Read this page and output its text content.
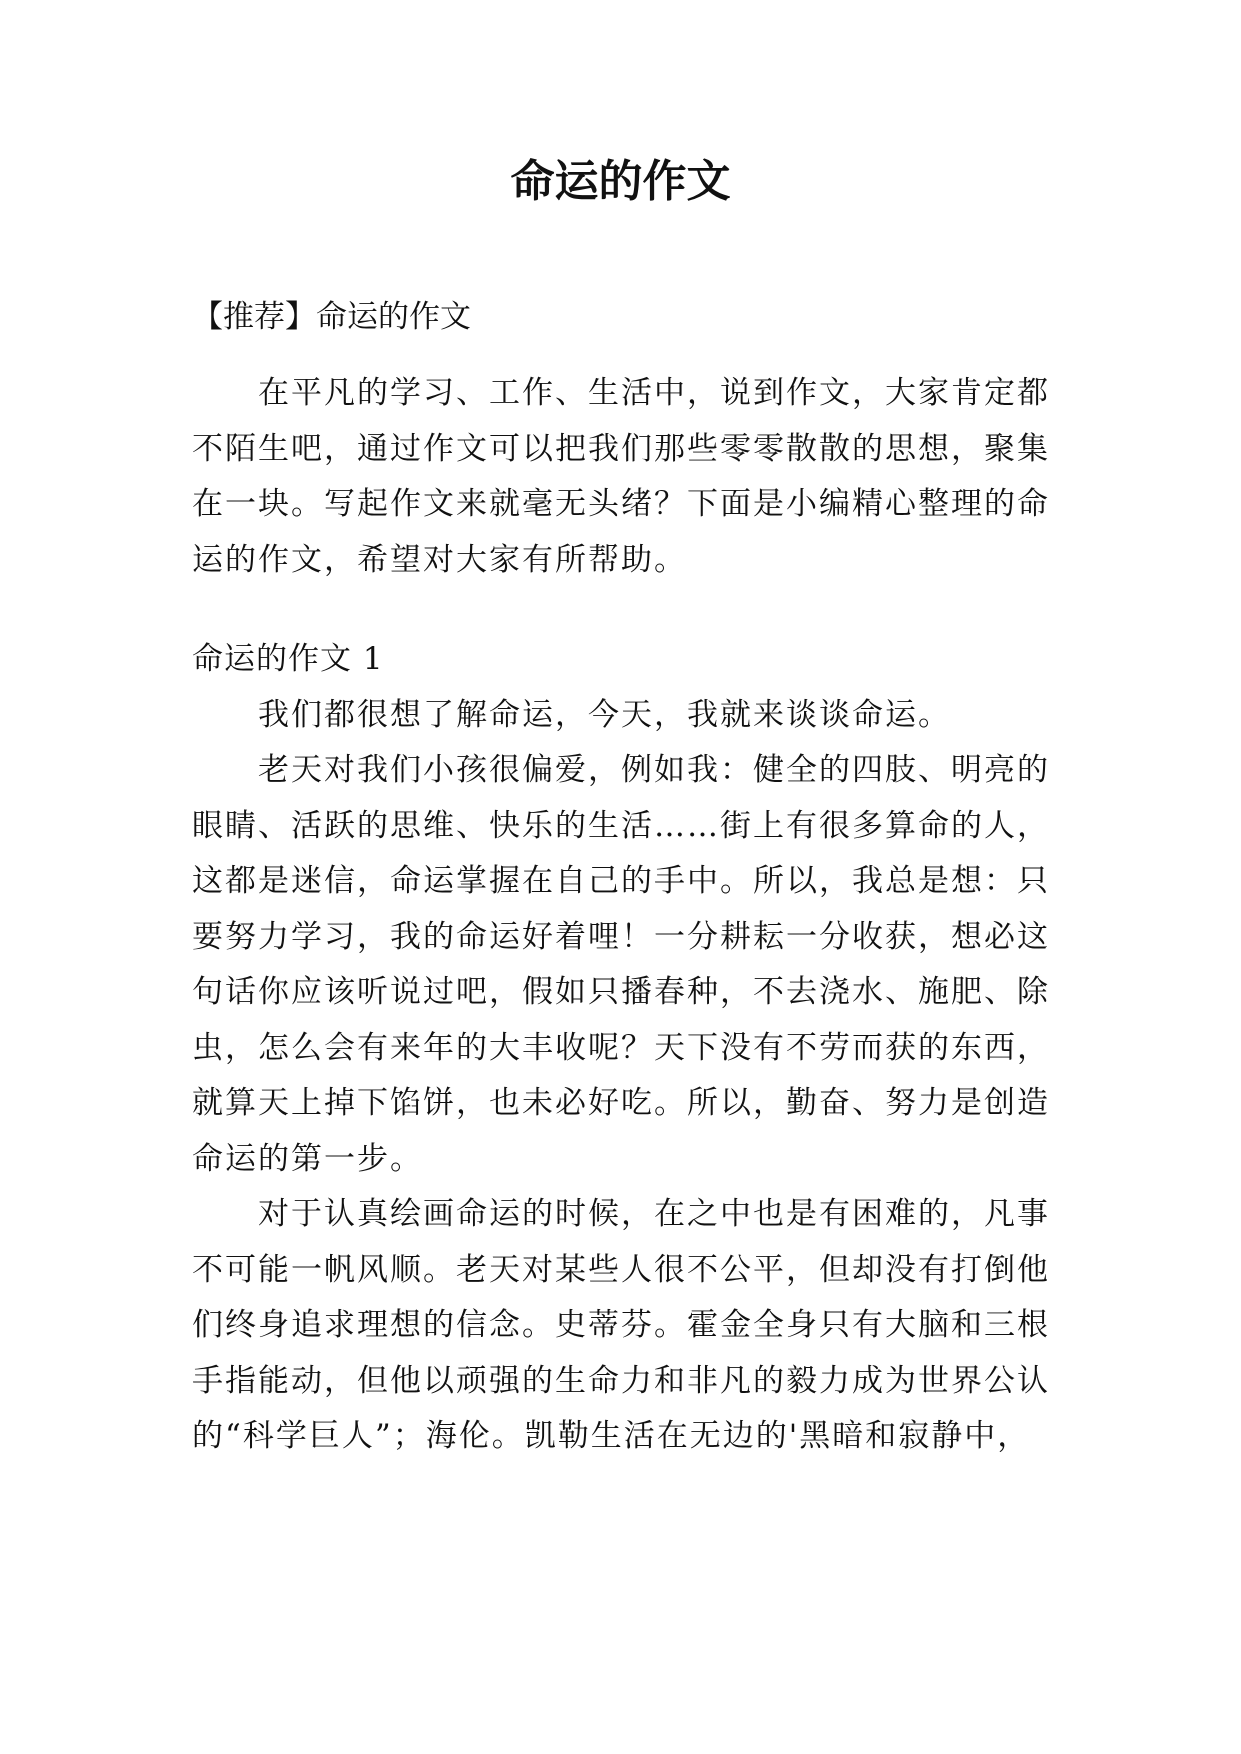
命运的作文

【推荐】命运的作文

在平凡的学习、工作、生活中，说到作文，大家肯定都

不陌生吧，通过作文可以把我们那些零零散散的思想，聚集

在一块。写起作文来就毫无头绪？下面是小编精心整理的命

运的作文，希望对大家有所帮助。

命运的作文 1

我们都很想了解命运，今天，我就来谈谈命运。

老天对我们小孩很偏爱，例如我：健全的四肢、明亮的

眼睛、活跃的思维、快乐的生活……街上有很多算命的人，

这都是迷信，命运掌握在自己的手中。所以，我总是想：只

要努力学习，我的命运好着哩！一分耕耘一分收获，想必这

句话你应该听说过吧，假如只播春种，不去浇水、施肥、除

虫，怎么会有来年的大丰收呢？天下没有不劳而获的东西，

就算天上掉下馅饼，也未必好吃。所以，勤奋、努力是创造

命运的第一步。

对于认真绘画命运的时候，在之中也是有困难的，凡事

不可能一帆风顺。老天对某些人很不公平，但却没有打倒他

们终身追求理想的信念。史蒂芬。霍金全身只有大脑和三根

手指能动，但他以顽强的生命力和非凡的毅力成为世界公认

的“科学巨人”；海伦。凯勒生活在无边的'黑暗和寂静中，
